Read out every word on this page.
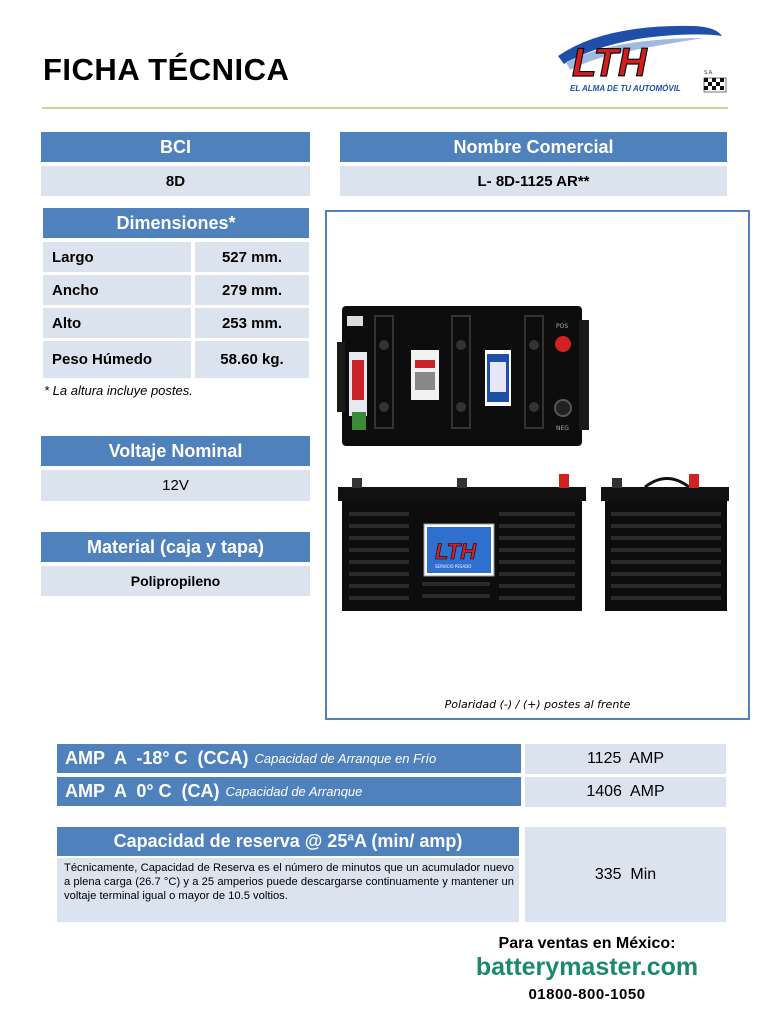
FICHA TÉCNICA	LTH
EL ALMA DE TU AUTOMÓVIL
S.A.
BCI
8D
Nombre Comercial
L- 8D-1125 AR**
Dimensiones*
Largo	527 mm.
Ancho	279 mm.
Alto	253 mm.
Peso Húmedo	58.60 kg.
* La altura incluye postes.
Voltaje Nominal
12V
Material (caja y tapa)
Polipropileno
POS
NEG
LTH
SERVICIO PESADO
Polaridad (-) / (+) postes al frente
AMP  A  -18° C  (CCA) Capacidad de Arranque en Frío	1125  AMP
AMP  A  0° C  (CA) Capacidad de Arranque	1406  AMP
Capacidad de reserva @ 25ªA (min/ amp)
Técnicamente, Capacidad de Reserva es el número de minutos que un acumulador nuevo a plena carga (26.7 °C) y a 25 amperios puede descargarse continuamente y mantener un voltaje terminal igual o mayor de 10.5 voltios.
335  Min
Para ventas en México:
batterymaster.com
01800-800-1050
